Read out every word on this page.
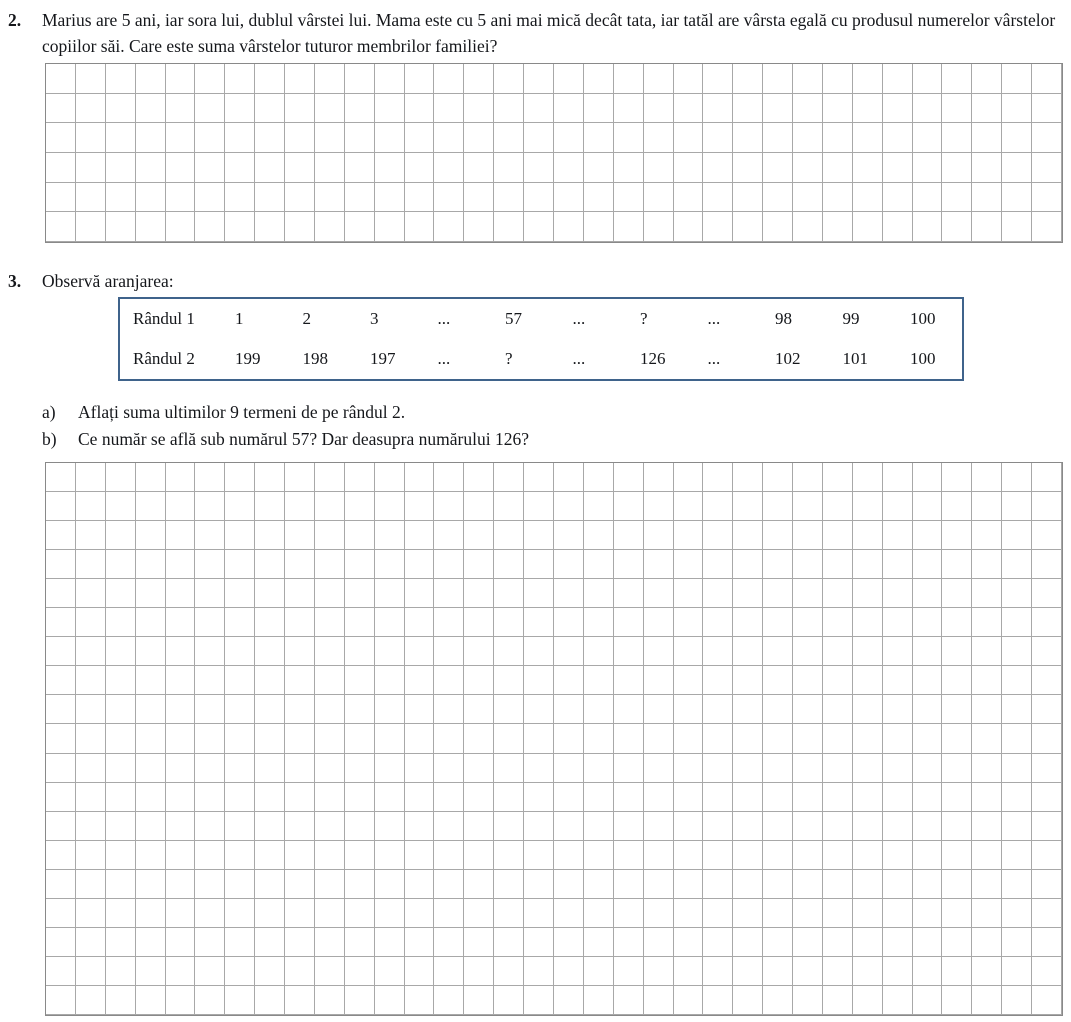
2. Marius are 5 ani, iar sora lui, dublul vârstei lui. Mama este cu 5 ani mai mică decât tata, iar tatăl are vârsta egală cu produsul numerelor vârstelor copiilor săi. Care este suma vârstelor tuturor membrilor familiei?
3. Observă aranjarea:
Rândul 1	1	2	3	...	57	...	?	...	98	99	100
Rândul 2	199	198	197	...	?	...	126	...	102	101	100
a) Aflați suma ultimilor 9 termeni de pe rândul 2.
b) Ce număr se află sub numărul 57? Dar deasupra numărului 126?
